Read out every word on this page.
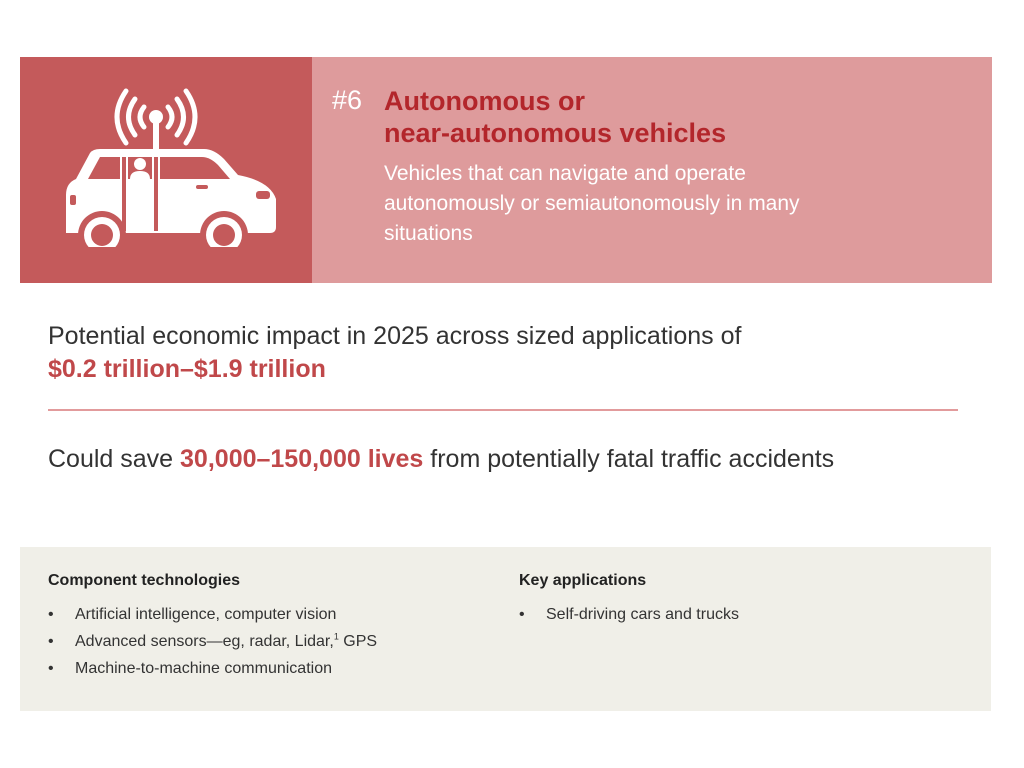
#6 Autonomous or
near-autonomous vehicles
Vehicles that can navigate and operate autonomously or semiautonomously in many situations
Potential economic impact in 2025 across sized applications of
$0.2 trillion–$1.9 trillion
Could save 30,000–150,000 lives from potentially fatal traffic accidents
Component technologies
• Artificial intelligence, computer vision
• Advanced sensors—eg, radar, Lidar,$^1$ GPS
• Machine-to-machine communication
Key applications
• Self-driving cars and trucks
